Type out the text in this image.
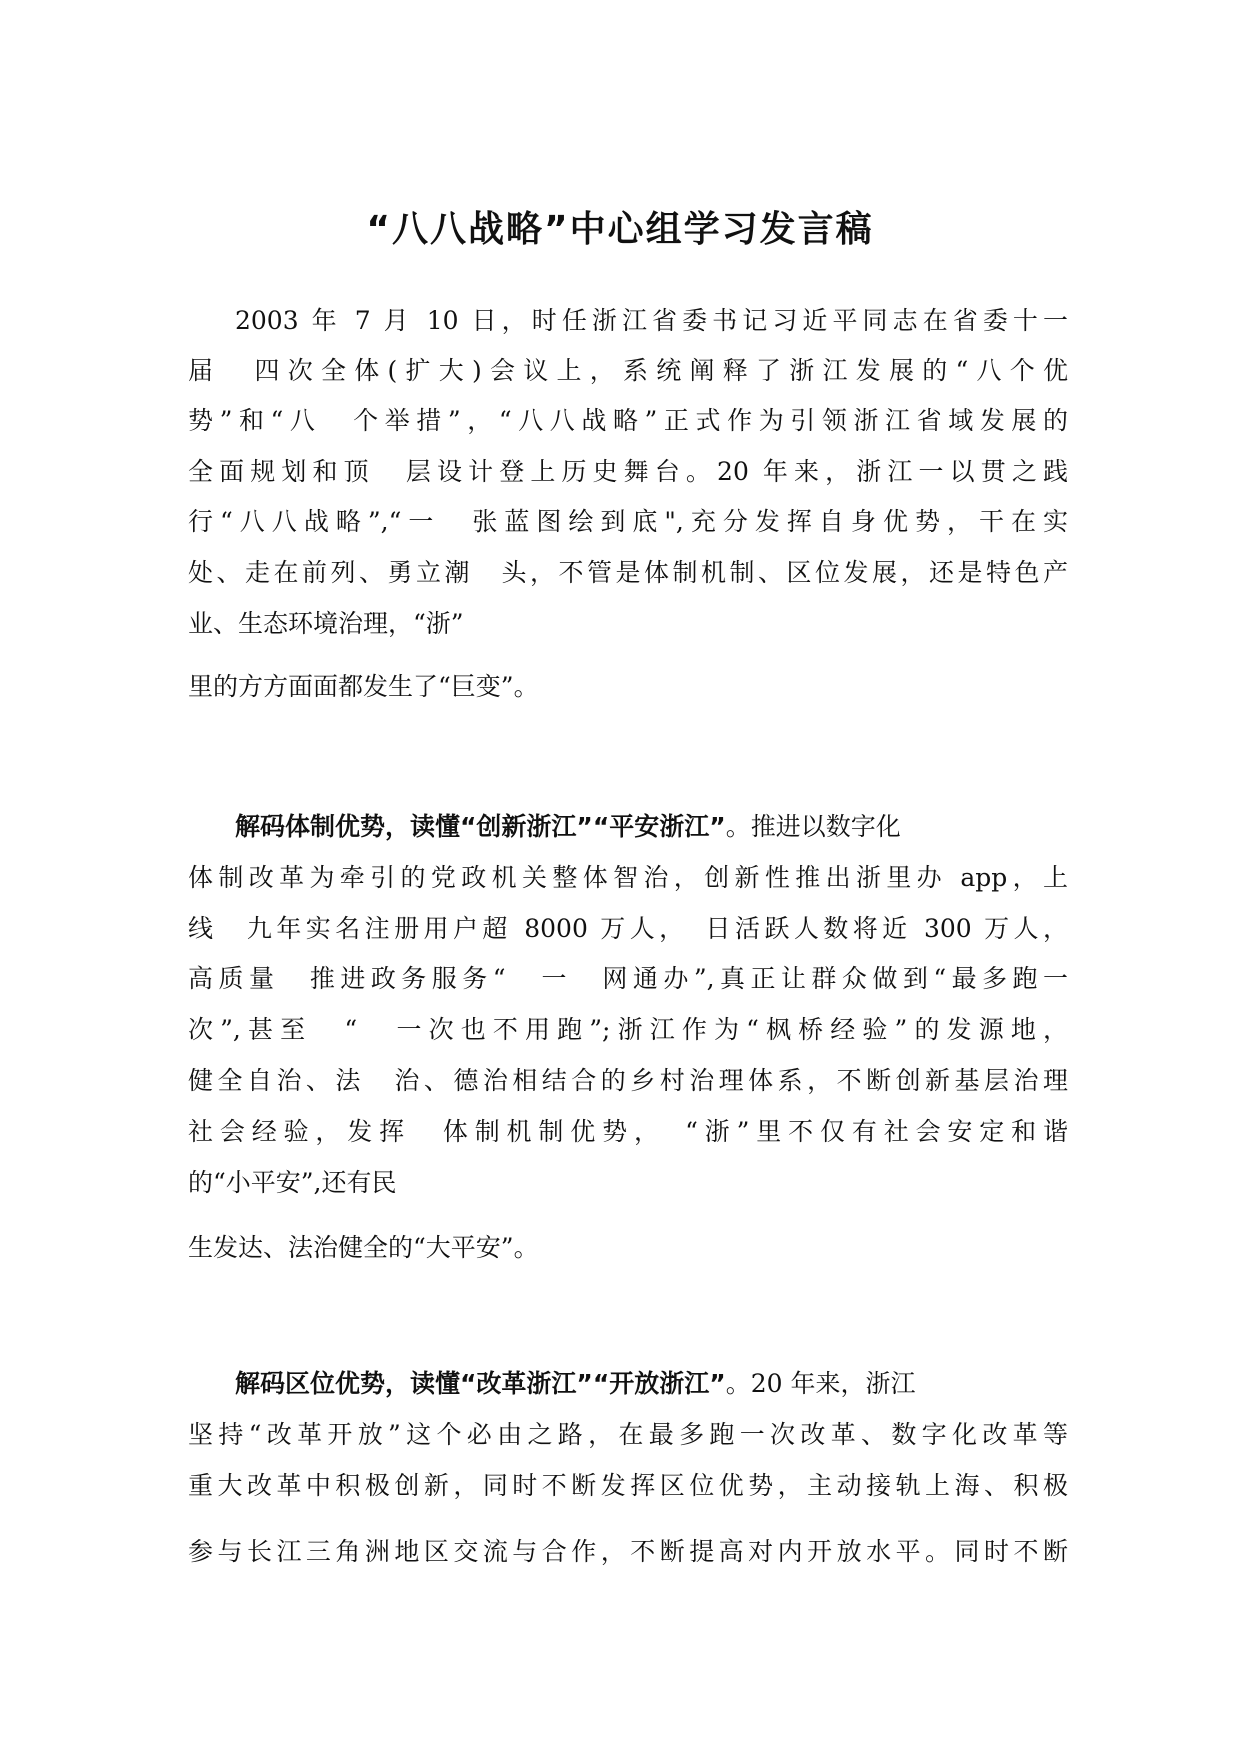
“八八战略”中心组学习发言稿
2003 年 7 月 10 日，时任浙江省委书记习近平同志在省委十一
届　四次全体(扩大)会议上，系统阐释了浙江发展的“八个优
势”和“八　个举措”，“八八战略”正式作为引领浙江省域发展的
全面规划和顶　层设计登上历史舞台。20 年来，浙江一以贯之践
行“八八战略”,“一　张蓝图绘到底",充分发挥自身优势，干在实
处、走在前列、勇立潮　头，不管是体制机制、区位发展，还是特色产
业、生态环境治理，“浙”
里的方方面面都发生了“巨变”。
解码体制优势，读懂“创新浙江”“平安浙江”。推进以数字化
体制改革为牵引的党政机关整体智治，创新性推出浙里办 app，上
线　九年实名注册用户超 8000 万人，　日活跃人数将近 300 万人，
高质量　推进政务服务“　一　网通办”,真正让群众做到“最多跑一
次”,甚至　“　一次也不用跑”;浙江作为“枫桥经验”的发源地，
健全自治、法　治、德治相结合的乡村治理体系，不断创新基层治理
社会经验，发挥　体制机制优势，　“浙”里不仅有社会安定和谐
的“小平安”,还有民
生发达、法治健全的“大平安”。
解码区位优势，读懂“改革浙江”“开放浙江”。20 年来，浙江
坚持“改革开放”这个必由之路，在最多跑一次改革、数字化改革等
重大改革中积极创新，同时不断发挥区位优势，主动接轨上海、积极
参与长江三角洲地区交流与合作，不断提高对内开放水平。同时不断
